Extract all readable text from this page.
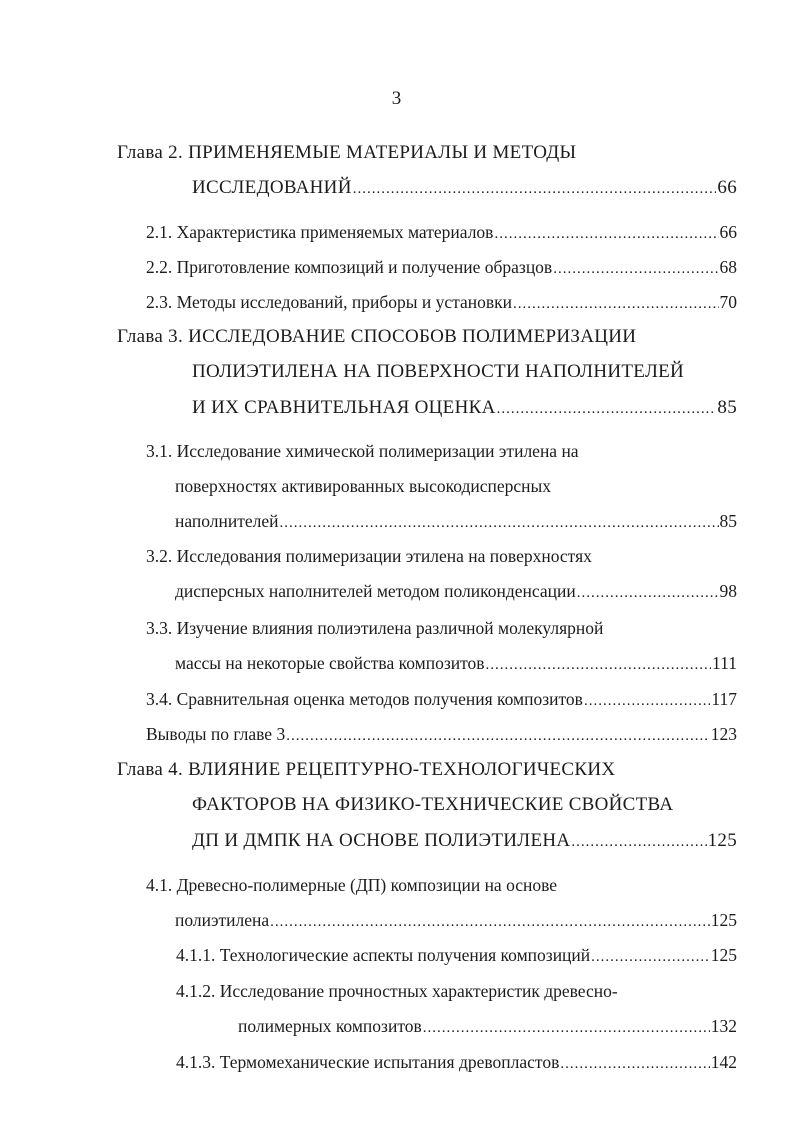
3
Глава 2.
ПРИМЕНЯЕМЫЕ МАТЕРИАЛЫ И МЕТОДЫ
ИССЛЕДОВАНИЙ .....	66
2.1.
Характеристика применяемых материалов .....	66
2.2.
Приготовление композиций и получение образцов .....	68
2.3.
Методы исследований, приборы и установки .....	70
Глава 3.
ИССЛЕДОВАНИЕ СПОСОБОВ ПОЛИМЕРИЗАЦИИ
ПОЛИЭТИЛЕНА НА ПОВЕРХНОСТИ НАПОЛНИТЕЛЕЙ
И ИХ СРАВНИТЕЛЬНАЯ ОЦЕНКА .....	85
3.1.
Исследование химической полимеризации этилена на
поверхностях активированных высокодисперсных
наполнителей .....	85
3.2.
Исследования полимеризации этилена на поверхностях
дисперсных наполнителей методом поликонденсации .....	98
3.3.
Изучение влияния полиэтилена различной молекулярной
массы на некоторые свойства композитов .....	111
3.4.
Сравнительная оценка методов получения композитов .....	117
Выводы по главе 3 .....	123
Глава 4.
ВЛИЯНИЕ РЕЦЕПТУРНО-ТЕХНОЛОГИЧЕСКИХ
ФАКТОРОВ НА ФИЗИКО-ТЕХНИЧЕСКИЕ СВОЙСТВА
ДП И ДМПК НА ОСНОВЕ ПОЛИЭТИЛЕНА .....	125
4.1.
Древесно-полимерные (ДП) композиции на основе
полиэтилена .....	125
4.1.1.
Технологические аспекты получения композиций .....	125
4.1.2.
Исследование прочностных характеристик древесно-
полимерных композитов .....	132
4.1.3.
Термомеханические испытания древопластов .....	142
